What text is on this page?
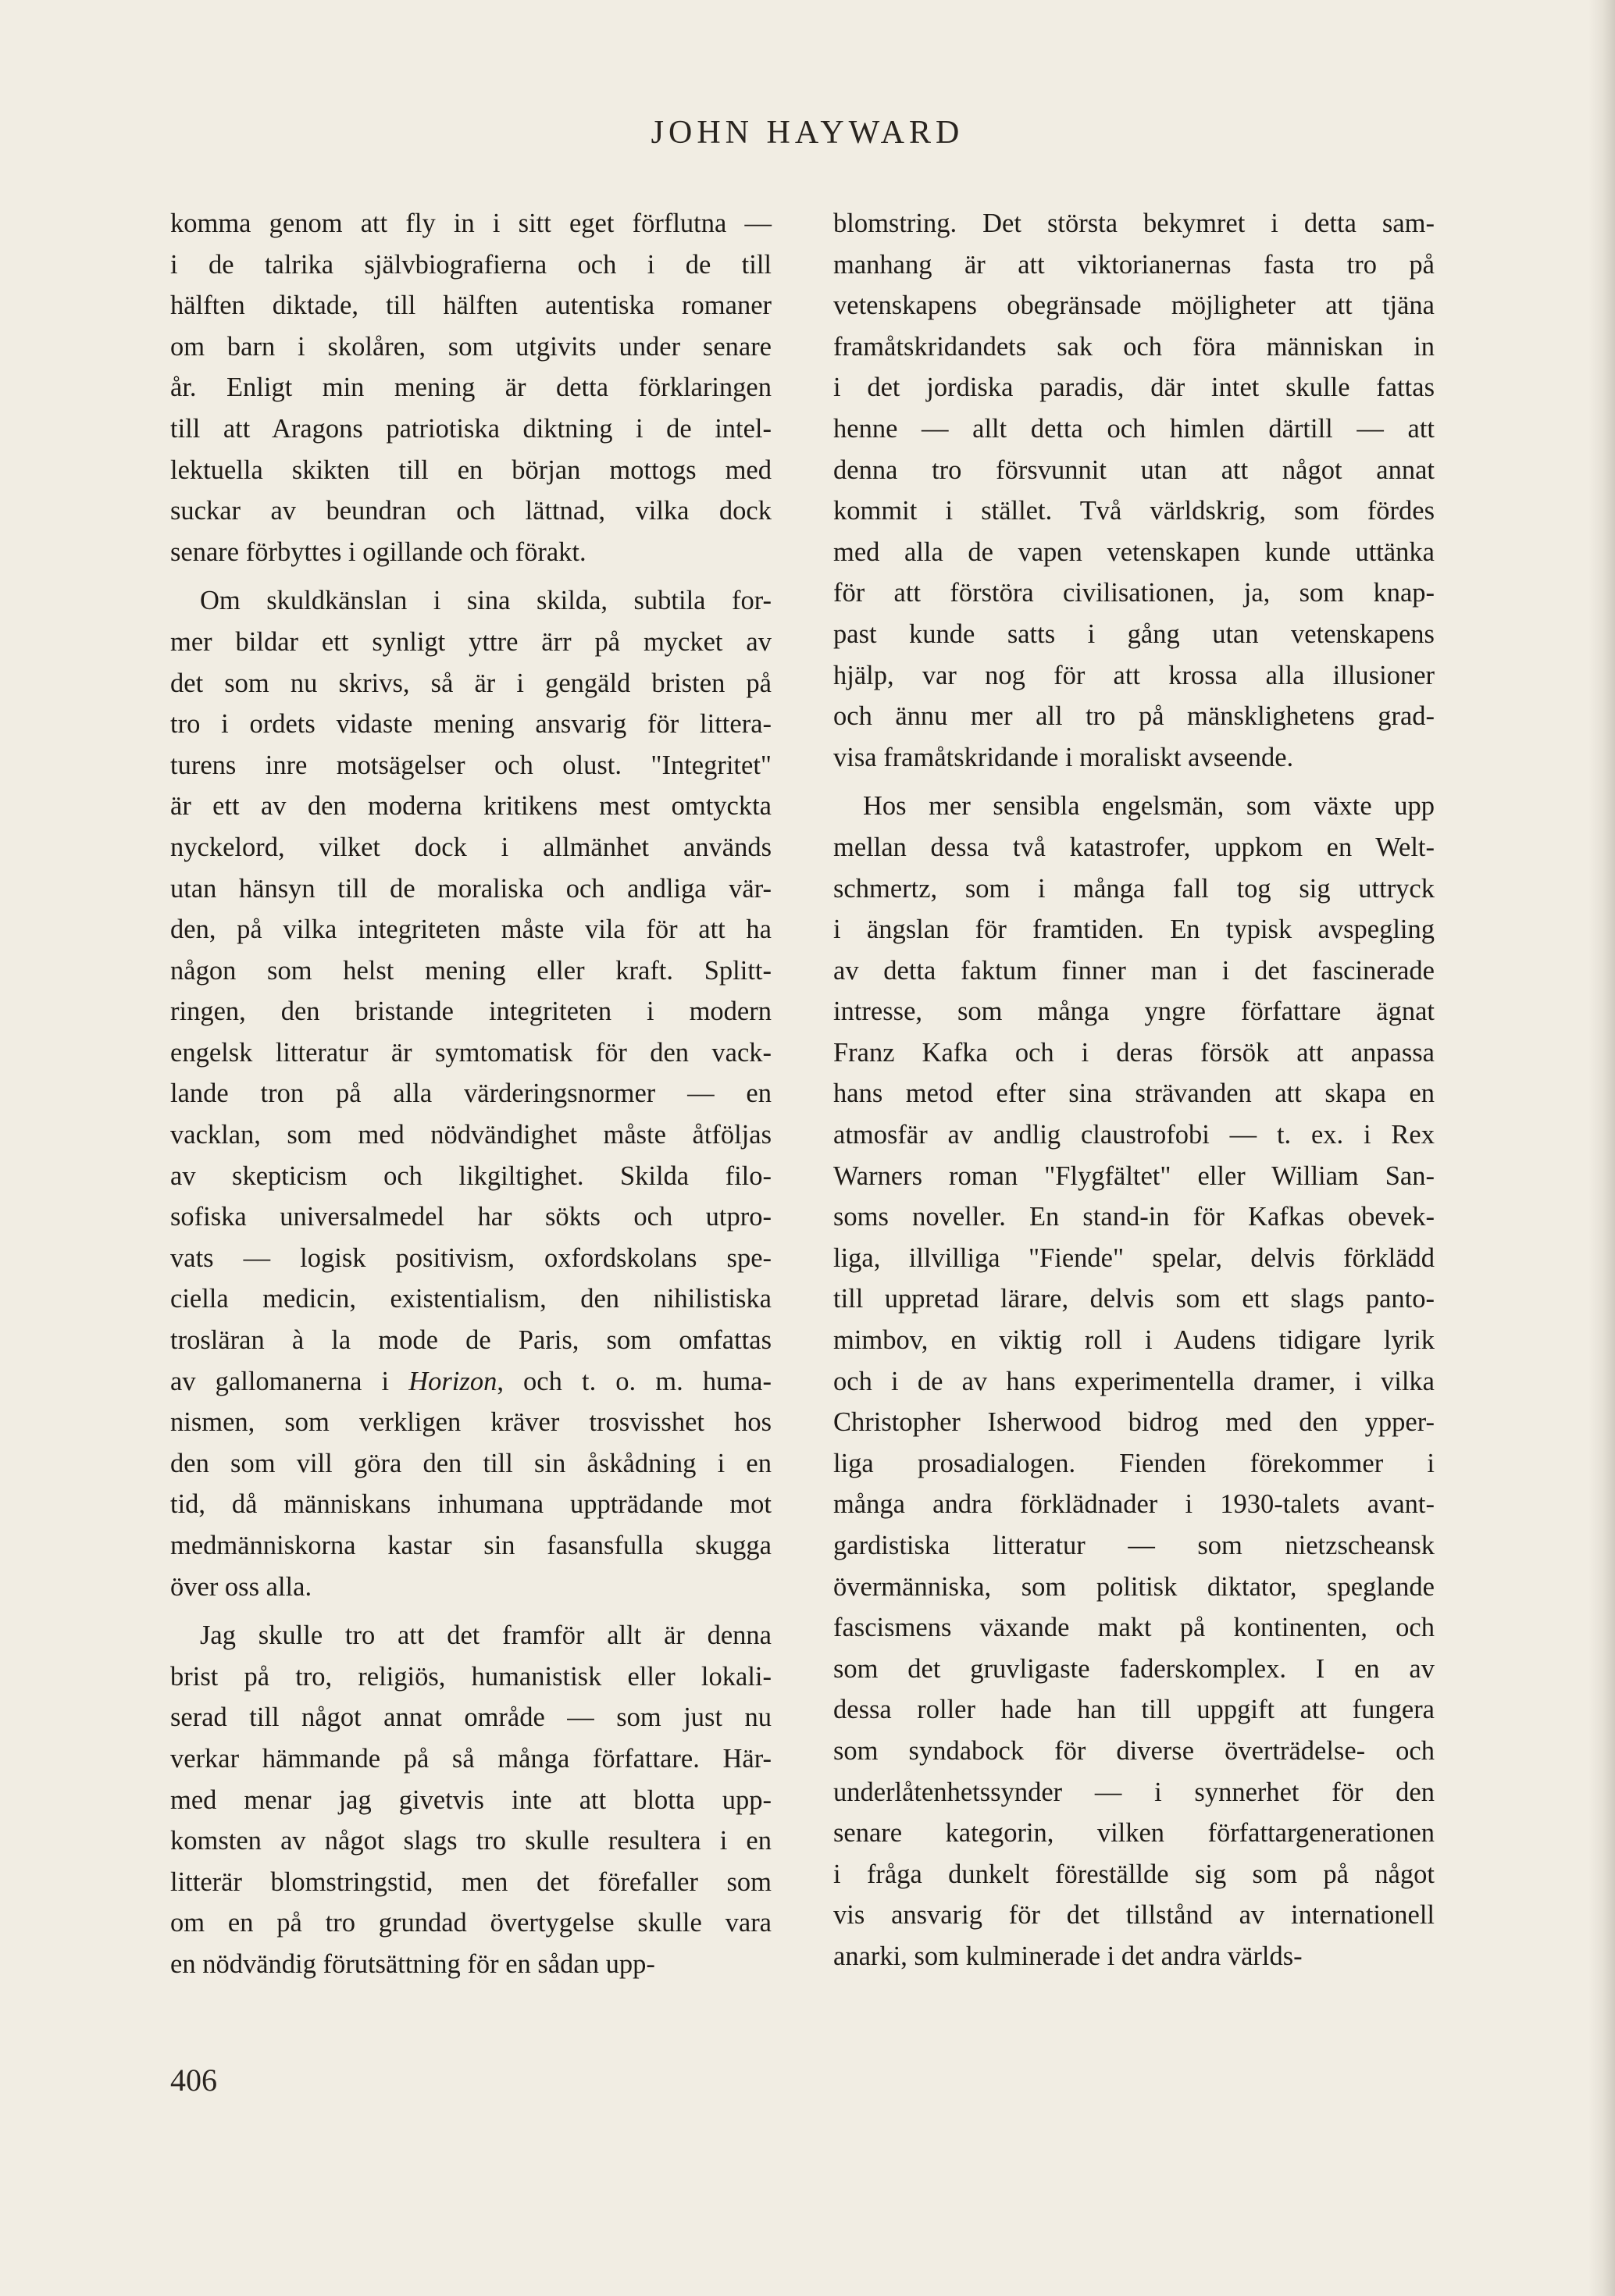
JOHN HAYWARD

komma genom att fly in i sitt eget förflutna —
i de talrika självbiografierna och i de till
hälften diktade, till hälften autentiska romaner
om barn i skolåren, som utgivits under senare
år. Enligt min mening är detta förklaringen
till att Aragons patriotiska diktning i de intel-
lektuella skikten till en början mottogs med
suckar av beundran och lättnad, vilka dock
senare förbyttes i ogillande och förakt.

Om skuldkänslan i sina skilda, subtila for-
mer bildar ett synligt yttre ärr på mycket av
det som nu skrivs, så är i gengäld bristen på
tro i ordets vidaste mening ansvarig för littera-
turens inre motsägelser och olust. "Integritet"
är ett av den moderna kritikens mest omtyckta
nyckelord, vilket dock i allmänhet används
utan hänsyn till de moraliska och andliga vär-
den, på vilka integriteten måste vila för att ha
någon som helst mening eller kraft. Splitt-
ringen, den bristande integriteten i modern
engelsk litteratur är symtomatisk för den vack-
lande tron på alla värderingsnormer — en
vacklan, som med nödvändighet måste åtföljas
av skepticism och likgiltighet. Skilda filo-
sofiska universalmedel har sökts och utpro-
vats — logisk positivism, oxfordskolans spe-
ciella medicin, existentialism, den nihilistiska
trosläran à la mode de Paris, som omfattas
av gallomanerna i Horizon, och t. o. m. huma-
nismen, som verkligen kräver trosvisshet hos
den som vill göra den till sin åskådning i en
tid, då människans inhumana uppträdande mot
medmänniskorna kastar sin fasansfulla skugga
över oss alla.

Jag skulle tro att det framför allt är denna
brist på tro, religiös, humanistisk eller lokali-
serad till något annat område — som just nu
verkar hämmande på så många författare. Här-
med menar jag givetvis inte att blotta upp-
komsten av något slags tro skulle resultera i en
litterär blomstringstid, men det förefaller som
om en på tro grundad övertygelse skulle vara
en nödvändig förutsättning för en sådan upp-

blomstring. Det största bekymret i detta sam-
manhang är att viktorianernas fasta tro på
vetenskapens obegränsade möjligheter att tjäna
framåtskridandets sak och föra människan in
i det jordiska paradis, där intet skulle fattas
henne — allt detta och himlen därtill — att
denna tro försvunnit utan att något annat
kommit i stället. Två världskrig, som fördes
med alla de vapen vetenskapen kunde uttänka
för att förstöra civilisationen, ja, som knap-
past kunde satts i gång utan vetenskapens
hjälp, var nog för att krossa alla illusioner
och ännu mer all tro på mänsklighetens grad-
visa framåtskridande i moraliskt avseende.

Hos mer sensibla engelsmän, som växte upp
mellan dessa två katastrofer, uppkom en Welt-
schmertz, som i många fall tog sig uttryck
i ängslan för framtiden. En typisk avspegling
av detta faktum finner man i det fascinerade
intresse, som många yngre författare ägnat
Franz Kafka och i deras försök att anpassa
hans metod efter sina strävanden att skapa en
atmosfär av andlig claustrofobi — t. ex. i Rex
Warners roman "Flygfältet" eller William San-
soms noveller. En stand-in för Kafkas obevek-
liga, illvilliga "Fiende" spelar, delvis förklädd
till uppretad lärare, delvis som ett slags panto-
mimbov, en viktig roll i Audens tidigare lyrik
och i de av hans experimentella dramer, i vilka
Christopher Isherwood bidrog med den ypper-
liga prosadialogen. Fienden förekommer i
många andra förklädnader i 1930-talets avant-
gardistiska litteratur — som nietzscheansk
övermänniska, som politisk diktator, speglande
fascismens växande makt på kontinenten, och
som det gruvligaste faderskomplex. I en av
dessa roller hade han till uppgift att fungera
som syndabock för diverse överträdelse- och
underlåtenhetssynder — i synnerhet för den
senare kategorin, vilken författargenerationen
i fråga dunkelt föreställde sig som på något
vis ansvarig för det tillstånd av internationell
anarki, som kulminerade i det andra världs-

406
